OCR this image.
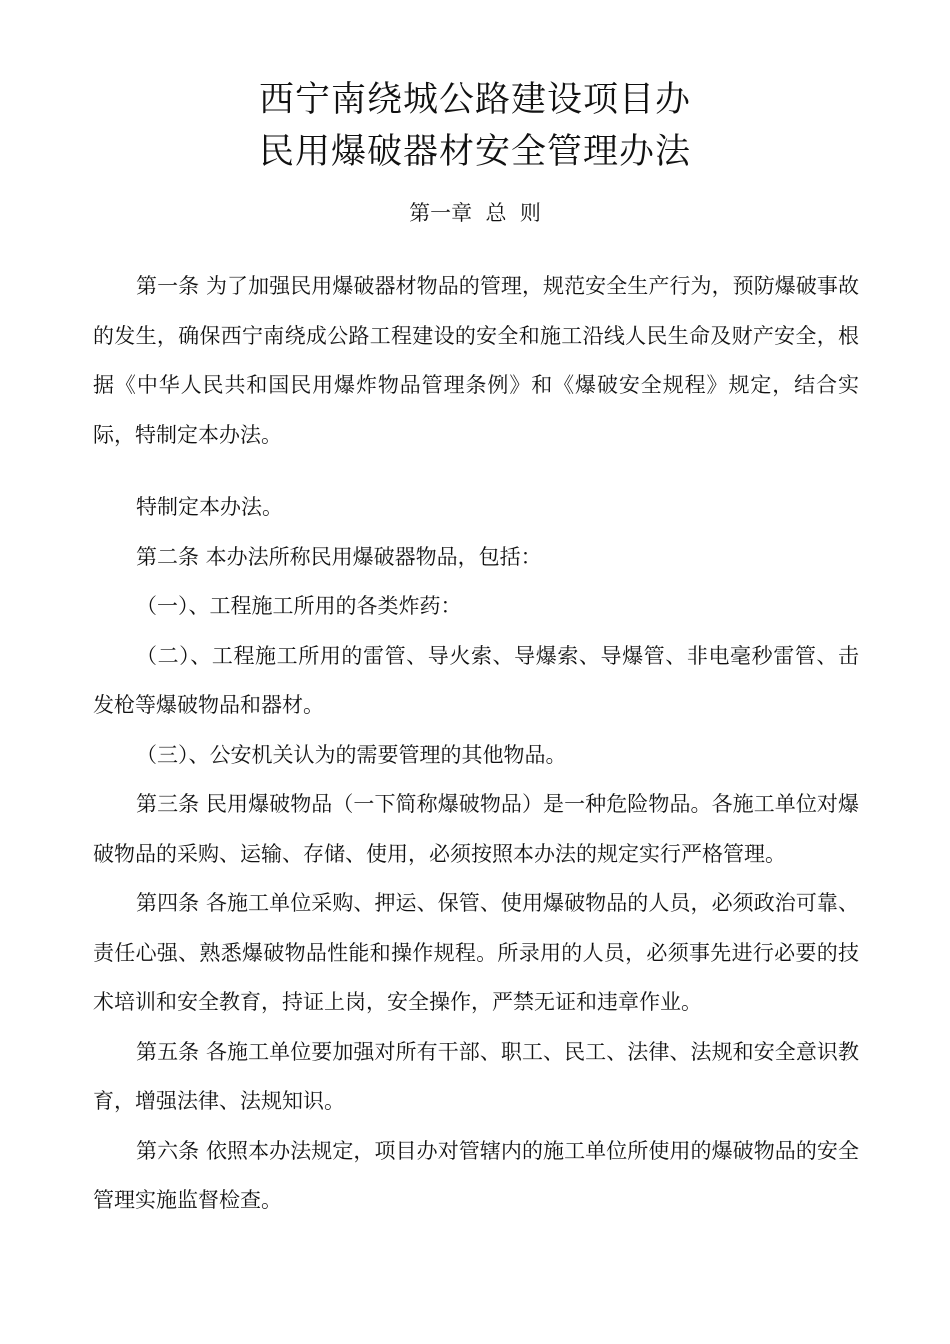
西宁南绕城公路建设项目办
民用爆破器材安全管理办法
第一章  总  则

第一条 为了加强民用爆破器材物品的管理，规范安全生产行为，预防爆破事故的发生，确保西宁南绕成公路工程建设的安全和施工沿线人民生命及财产安全，根据《中华人民共和国民用爆炸物品管理条例》和《爆破安全规程》规定，结合实际，特制定本办法。

特制定本办法。

第二条 本办法所称民用爆破器物品，包括：

（一）、工程施工所用的各类炸药：

（二）、工程施工所用的雷管、导火索、导爆索、导爆管、非电毫秒雷管、击发枪等爆破物品和器材。

（三）、公安机关认为的需要管理的其他物品。

第三条 民用爆破物品（一下简称爆破物品）是一种危险物品。各施工单位对爆破物品的采购、运输、存储、使用，必须按照本办法的规定实行严格管理。

第四条 各施工单位采购、押运、保管、使用爆破物品的人员，必须政治可靠、责任心强、熟悉爆破物品性能和操作规程。所录用的人员，必须事先进行必要的技术培训和安全教育，持证上岗，安全操作，严禁无证和违章作业。

第五条 各施工单位要加强对所有干部、职工、民工、法律、法规和安全意识教育，增强法律、法规知识。

第六条 依照本办法规定，项目办对管辖内的施工单位所使用的爆破物品的安全管理实施监督检查。
